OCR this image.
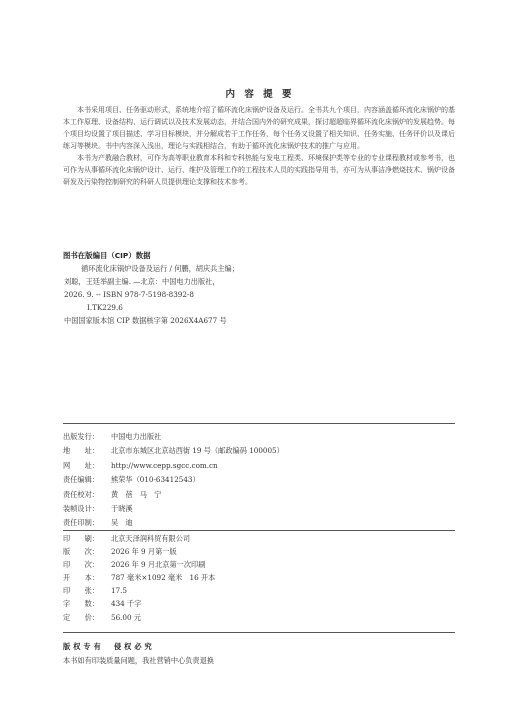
内 容 提 要

本书采用项目、任务驱动形式，系统地介绍了循环流化床锅炉设备及运行。全书共九个项目，内容涵盖循环流化床锅炉的基本工作原理、设备结构、运行调试以及技术发展动态，并结合国内外的研究成果，探讨超超临界循环流化床锅炉的发展趋势。每个项目均设置了项目描述、学习目标模块，并分解成若干工作任务，每个任务又设置了相关知识、任务实施、任务评价以及课后练习等模块。书中内容深入浅出，理论与实践相结合，有助于循环流化床锅炉技术的推广与应用。

本书为产教融合教材，可作为高等职业教育本科和专科热能与发电工程类、环境保护类等专业的专业课程教材或参考书，也可作为从事循环流化床锅炉设计、运行、维护及管理工作的工程技术人员的实践指导用书，亦可为从事洁净燃烧技术、锅炉设备研发及污染物控制研究的科研人员提供理论支撑和技术参考。

图书在版编目（CIP）数据
循环流化床锅炉设备及运行 / 何鹏，胡庆兵主编；
刘聪，王廷举副主编. —北京：中国电力出版社，
2026. 9. -- ISBN 978-7-5198-8392-8
Ⅰ.TK229.6
中国国家版本馆 CIP 数据核字第 2026X4A677 号
出版发行：	中国电力出版社
地　　址：	北京市东城区北京站西街 19 号（邮政编码 100005）
网　　址：	http://www.cepp.sgcc.com.cn
责任编辑：	熊荣华（010-63412543）
责任校对：	黄　蓓　马　宁
装帧设计：	于晓溪
责任印制：	吴　迪
印　　刷：	北京天泽润科贸有限公司
版　　次：	2026 年 9 月第一版
印　　次：	2026 年 9 月北京第一次印刷
开　　本：	787 毫米×1092 毫米　16 开本
印　　张：	17.5
字　　数：	434 千字
定　　价：	56.00 元
版权专有　侵权必究
本书如有印装质量问题，我社营销中心负责退换
